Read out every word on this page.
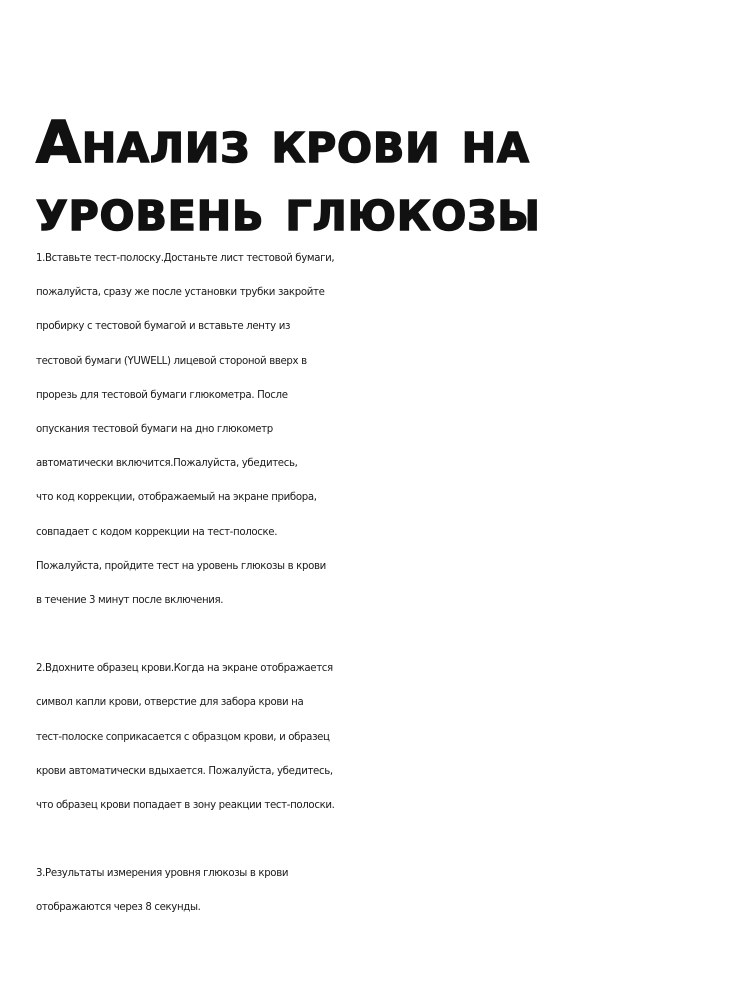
Анализ крови на
уровень глюкозы

1.Вставьте тест-полоску.Достаньте лист тестовой бумаги,
пожалуйста, сразу же после установки трубки закройте
пробирку с тестовой бумагой и вставьте ленту из
тестовой бумаги (YUWELL) лицевой стороной вверх в
прорезь для тестовой бумаги глюкометра. После
опускания тестовой бумаги на дно глюкометр
автоматически включится.Пожалуйста, убедитесь,
что код коррекции, отображаемый на экране прибора,
совпадает с кодом коррекции на тест-полоске.
Пожалуйста, пройдите тест на уровень глюкозы в крови
в течение 3 минут после включения.

2.Вдохните образец крови.Когда на экране отображается
символ капли крови, отверстие для забора крови на
тест-полоске соприкасается с образцом крови, и образец
крови автоматически вдыхается. Пожалуйста, убедитесь,
что образец крови попадает в зону реакции тест-полоски.

3.Результаты измерения уровня глюкозы в крови
отображаются через 8 секунды.
